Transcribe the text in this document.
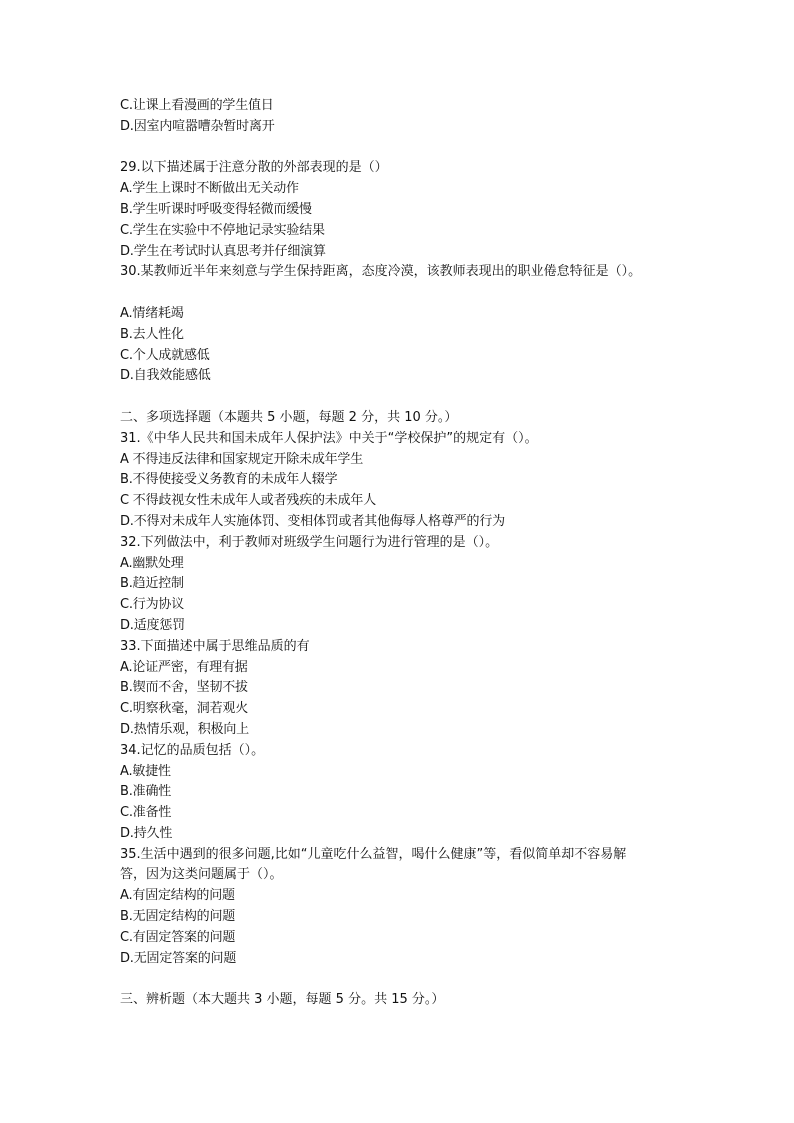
C.让课上看漫画的学生值日

D.因室内喧嚣嘈杂暂时离开

29.以下描述属于注意分散的外部表现的是（）

A.学生上课时不断做出无关动作

B.学生听课时呼吸变得轻微而缓慢

C.学生在实验中不停地记录实验结果

D.学生在考试时认真思考并仔细演算

30.某教师近半年来刻意与学生保持距离，态度冷漠，该教师表现出的职业倦怠特征是（）。

A.情绪耗竭

B.去人性化

C.个人成就感低

D.自我效能感低

二、多项选择题（本题共 5 小题，每题 2 分，共 10 分。）

31.《中华人民共和国未成年人保护法》中关于“学校保护”的规定有（）。

A 不得违反法律和国家规定开除未成年学生

B.不得使接受义务教育的未成年人辍学

C 不得歧视女性未成年人或者残疾的未成年人

D.不得对未成年人实施体罚、变相体罚或者其他侮辱人格尊严的行为

32.下列做法中，利于教师对班级学生问题行为进行管理的是（）。

A.幽默处理

B.趋近控制

C.行为协议

D.适度惩罚

33.下面描述中属于思维品质的有

A.论证严密，有理有据

B.锲而不舍，坚韧不拔

C.明察秋毫，洞若观火

D.热情乐观，积极向上

34.记忆的品质包括（）。

A.敏捷性

B.准确性

C.准备性

D.持久性

35.生活中遇到的很多问题,比如“儿童吃什么益智，喝什么健康”等，看似简单却不容易解

答，因为这类问题属于（）。

A.有固定结构的问题

B.无固定结构的问题

C.有固定答案的问题

D.无固定答案的问题

三、辨析题（本大题共 3 小题，每题 5 分。共 15 分。）
